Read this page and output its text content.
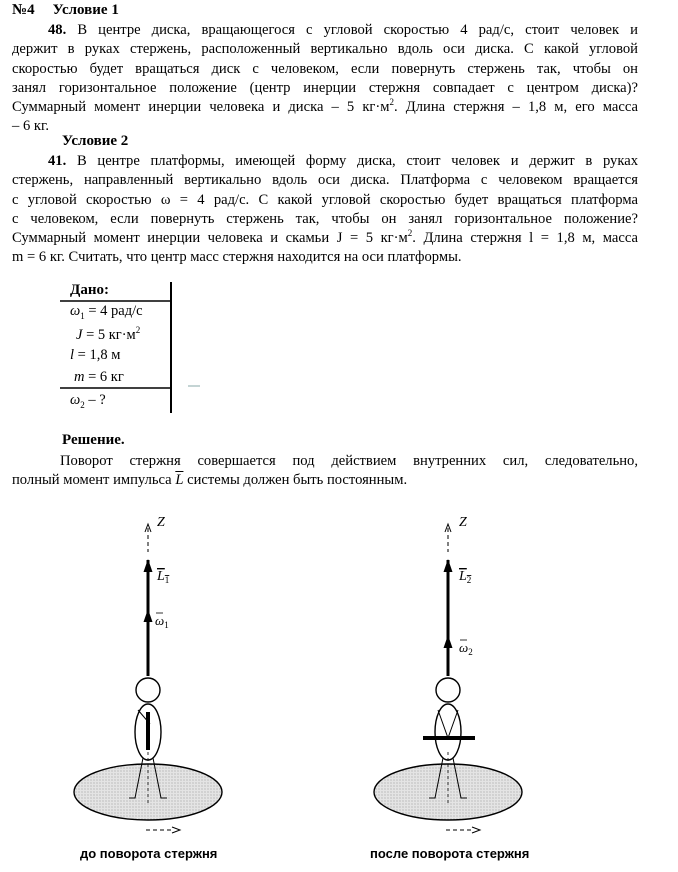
№4 Условие 1
48. В центре диска, вращающегося с угловой скоростью 4 рад/с, стоит человек и
держит в руках стержень, расположенный вертикально вдоль оси диска. С какой угловой
скоростью будет вращаться диск с человеком, если повернуть стержень так, чтобы он
занял горизонтальное положение (центр инерции стержня совпадает с центром диска)?
Суммарный момент инерции человека и диска – 5 $кг\cdot м^2$. Длина стержня – 1,8 м, его масса
– 6 кг.
Условие 2
41. В центре платформы, имеющей форму диска, стоит человек и держит в руках
стержень, направленный вертикально вдоль оси диска. Платформа с человеком вращается
с угловой скоростью ω = 4 рад/с. С какой угловой скоростью будет вращаться платформа
с человеком, если повернуть стержень так, чтобы он занял горизонтальное положение?
Суммарный момент инерции человека и скамьи J = 5 $кг\cdot м^2$. Длина стержня l = 1,8 м, масса
m = 6 кг. Считать, что центр масс стержня находится на оси платформы.
Дано:
$\omega_1 = 4$ рад/с
J = 5 $кг\cdot м^2$
l = 1,8 м
m = 6 кг
$\omega_2$ – ?
Решение.
Поворот стержня совершается под действием внутренних сил, следовательно,
полный момент импульса $\overline{L}$ системы должен быть постоянным.
Z
$L_1$
$\omega_1$
Z
$L_2$
$\omega_2$
до поворота стержня	после поворота стержня
